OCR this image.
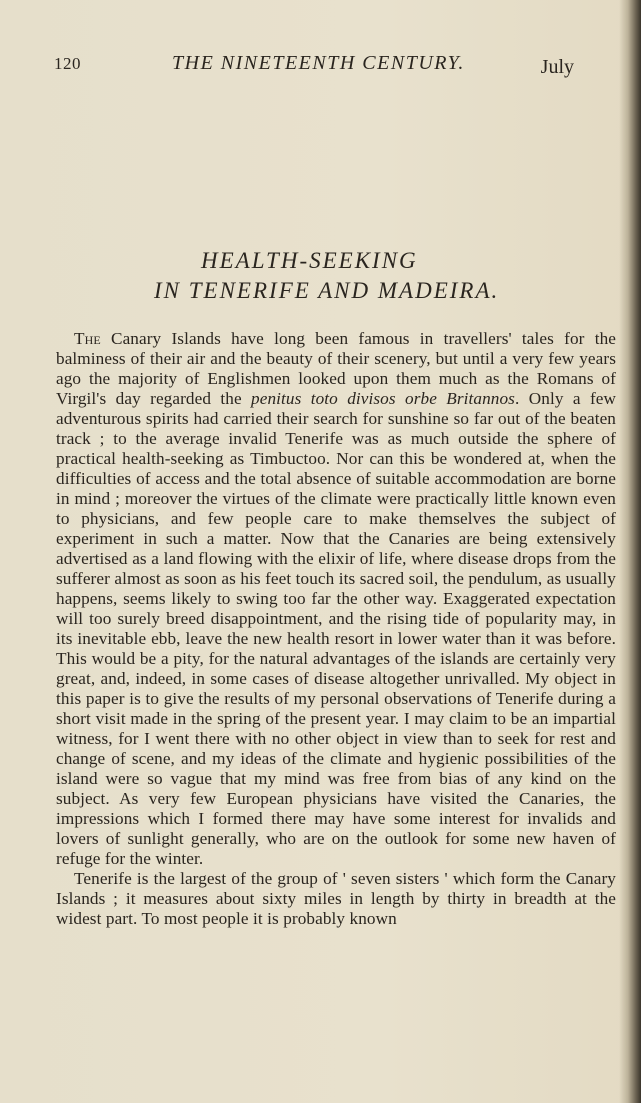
120	THE NINETEENTH CENTURY.	July
HEALTH-SEEKING
IN TENERIFE AND MADEIRA.

The Canary Islands have long been famous in travellers' tales for the balminess of their air and the beauty of their scenery, but until a very few years ago the majority of Englishmen looked upon them much as the Romans of Virgil's day regarded the penitus toto divisos orbe Britannos. Only a few adventurous spirits had carried their search for sunshine so far out of the beaten track ; to the average invalid Tenerife was as much outside the sphere of practical health-seeking as Timbuctoo. Nor can this be wondered at, when the difficulties of access and the total absence of suitable accommodation are borne in mind ; moreover the virtues of the climate were practically little known even to physicians, and few people care to make themselves the subject of experiment in such a matter. Now that the Canaries are being extensively advertised as a land flowing with the elixir of life, where disease drops from the sufferer almost as soon as his feet touch its sacred soil, the pendulum, as usually happens, seems likely to swing too far the other way. Exaggerated expectation will too surely breed disappointment, and the rising tide of popularity may, in its inevitable ebb, leave the new health resort in lower water than it was before. This would be a pity, for the natural advantages of the islands are certainly very great, and, indeed, in some cases of disease altogether unrivalled. My object in this paper is to give the results of my personal observations of Tenerife during a short visit made in the spring of the present year. I may claim to be an impartial witness, for I went there with no other object in view than to seek for rest and change of scene, and my ideas of the climate and hygienic possibilities of the island were so vague that my mind was free from bias of any kind on the subject. As very few European physicians have visited the Canaries, the impressions which I formed there may have some interest for invalids and lovers of sunlight generally, who are on the outlook for some new haven of refuge for the winter.

Tenerife is the largest of the group of ' seven sisters ' which form the Canary Islands ; it measures about sixty miles in length by thirty in breadth at the widest part. To most people it is probably known
